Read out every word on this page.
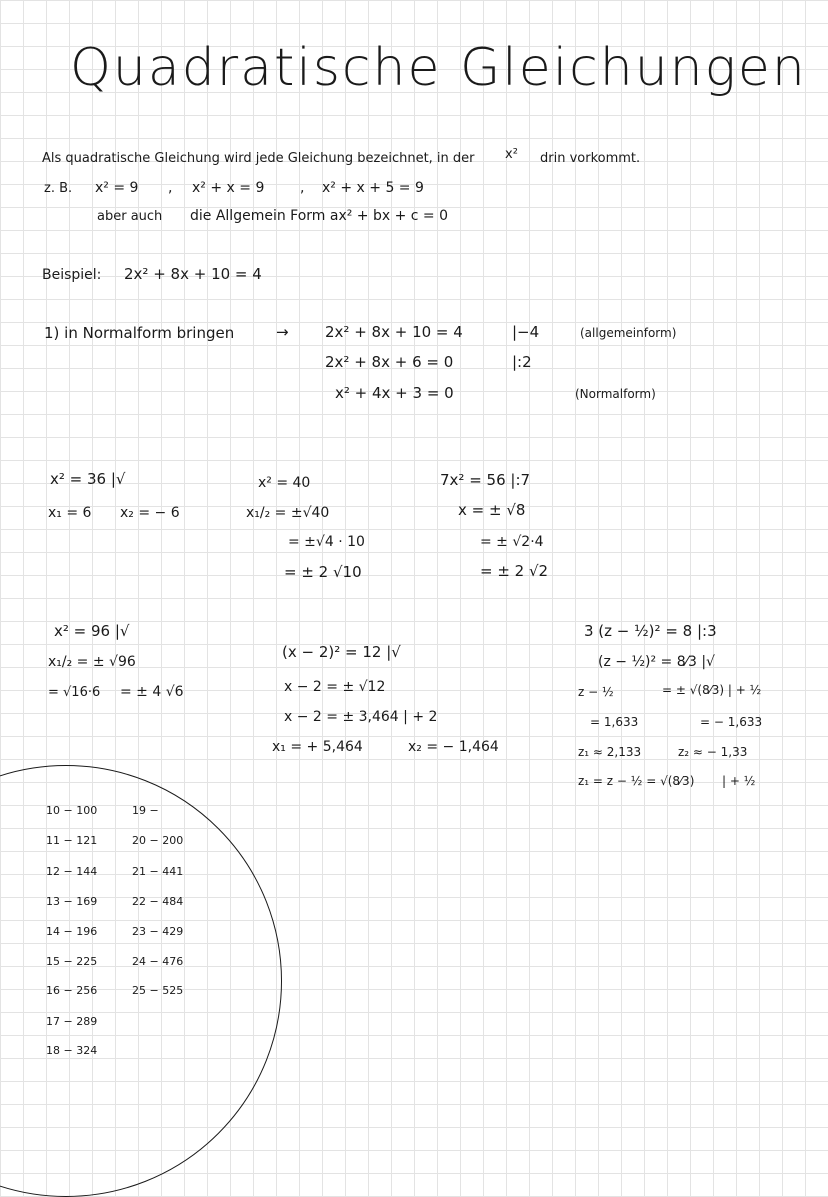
Quadratische Gleichungen
Als quadratische Gleichung wird jede Gleichung bezeichnet, in der x² drin vorkommt.
z. B. x² = 9 , x² + x = 9	, x² + x + 5 = 9
aber auch die Allgemein Form ax² + bx + c = 0
Beispiel: 2x² + 8x + 10 = 4
1) in Normalform bringen	→ 2x² + 8x + 10 = 4	|−4	(allgemeinform)
2x² + 8x + 6 = 0	|:2
x² + 4x + 3 = 0	(Normalform)
x² = 36 |√
x₁ = 6 x₂ = − 6
x² = 40
x₁/₂ = ±√40
= ±√4 · 10
= ± 2 √10
7x² = 56 |:7
x = ± √8
= ± √2·4
= ± 2 √2
x² = 96 |√
x₁/₂ = ± √96
= √16·6 = ± 4 √6
(x − 2)² = 12 |√
x − 2 = ± √12
x − 2 = ± 3,464 | + 2
x₁ = + 5,464	x₂ = − 1,464
3 (z − ½)² = 8 |:3
(z − ½)² = 8⁄3 |√
z − ½	= ± √(8⁄3) | + ½
= 1,633	= − 1,633
z₁ ≈ 2,133	z₂ ≈ − 1,33
z₁ = z − ½ = √(8⁄3) | + ½
10 − 100
11 − 121
12 − 144
13 − 169
14 − 196
15 − 225
16 − 256
17 − 289
18 − 324
19 −
20 − 200
21 − 441
22 − 484
23 − 429
24 − 476
25 − 525
